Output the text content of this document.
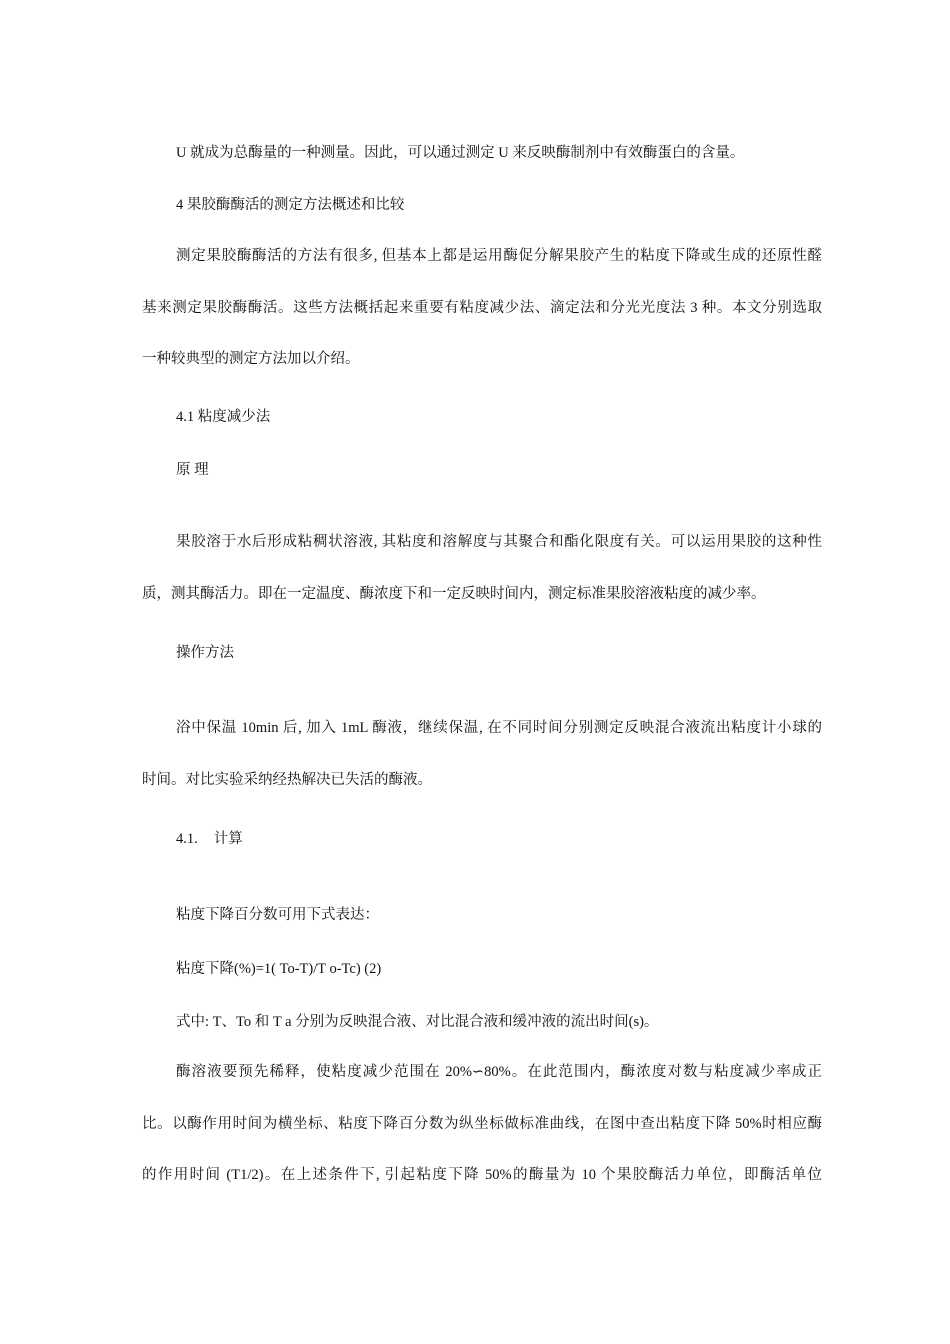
U 就成为总酶量的一种测量。因此，可以通过测定 U 来反映酶制剂中有效酶蛋白的含量。
4 果胶酶酶活的测定方法概述和比较
测定果胶酶酶活的方法有很多, 但基本上都是运用酶促分解果胶产生的粘度下降或生成的还原性醛
基来测定果胶酶酶活。这些方法概括起来重要有粘度减少法、滴定法和分光光度法 3 种。本文分别选取
一种较典型的测定方法加以介绍。
4.1 粘度减少法
原 理
果胶溶于水后形成粘稠状溶液, 其粘度和溶解度与其聚合和酯化限度有关。可以运用果胶的这种性
质，测其酶活力。即在一定温度、酶浓度下和一定反映时间内，测定标准果胶溶液粘度的减少率。
操作方法
浴中保温 10min 后, 加入 1mL 酶液，继续保温, 在不同时间分别测定反映混合液流出粘度计小球的
时间。对比实验采纳经热解决已失活的酶液。
4.1. 计算
粘度下降百分数可用下式表达：
粘度下降(%)=1( To-T)/T o-Tc) (2)
式中: T、To 和 T a 分别为反映混合液、对比混合液和缓冲液的流出时间(s)。
酶溶液要预先稀释，使粘度减少范围在 20%∽80%。在此范围内，酶浓度对数与粘度减少率成正
比。以酶作用时间为横坐标、粘度下降百分数为纵坐标做标准曲线，在图中查出粘度下降 50%时相应酶
的作用时间 (T1/2)。在上述条件下, 引起粘度下降 50%的酶量为 10 个果胶酶活力单位，即酶活单位
